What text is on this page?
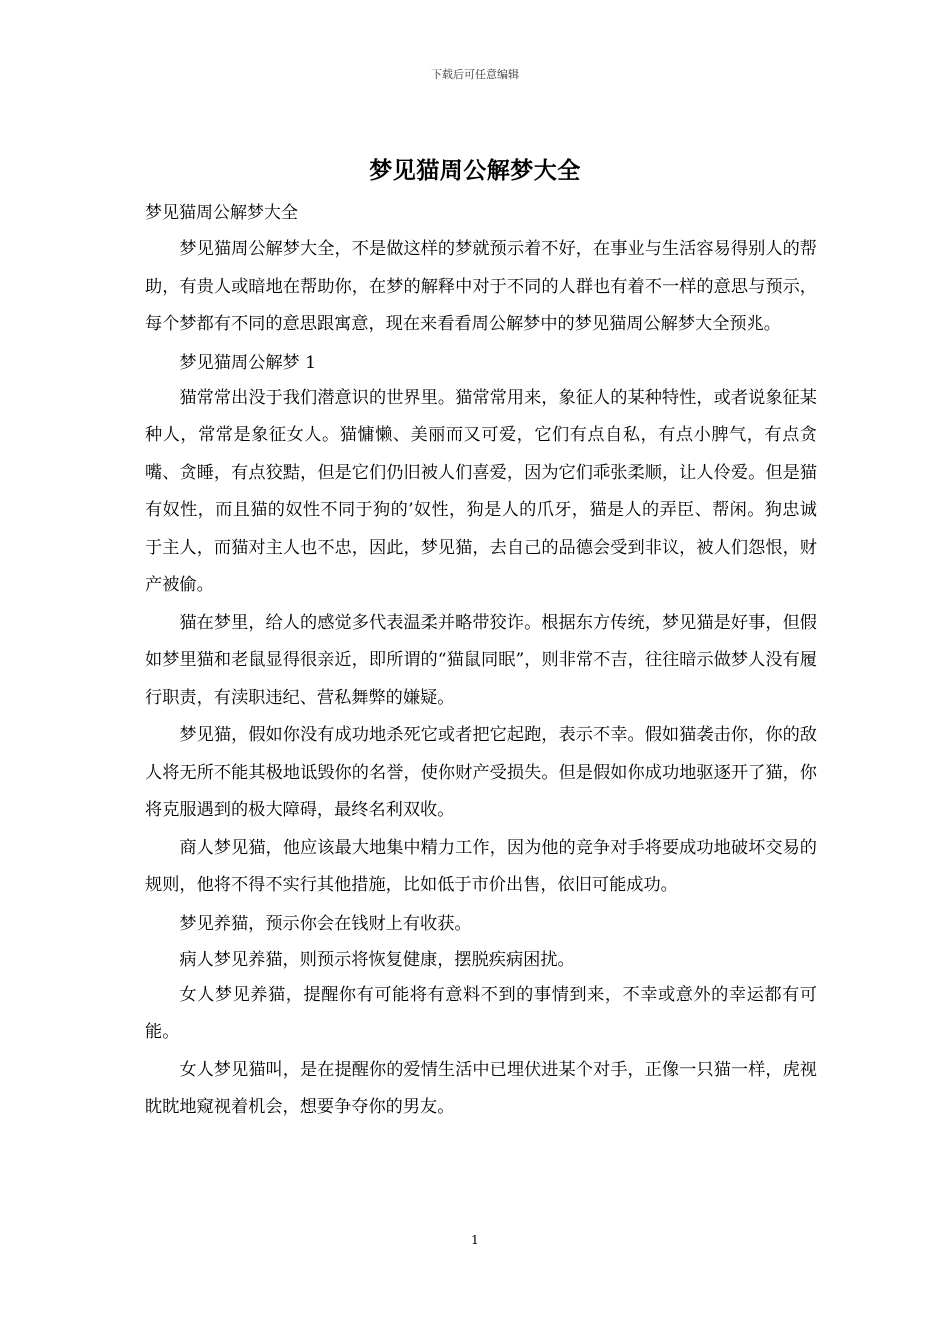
下载后可任意编辑
梦见猫周公解梦大全
梦见猫周公解梦大全

梦见猫周公解梦大全，不是做这样的梦就预示着不好，在事业与生活容易得别人的帮助，有贵人或暗地在帮助你，在梦的解释中对于不同的人群也有着不一样的意思与预示，每个梦都有不同的意思跟寓意，现在来看看周公解梦中的梦见猫周公解梦大全预兆。

梦见猫周公解梦 1

猫常常出没于我们潜意识的世界里。猫常常用来，象征人的某种特性，或者说象征某种人，常常是象征女人。猫慵懒、美丽而又可爱，它们有点自私，有点小脾气，有点贪嘴、贪睡，有点狡黠，但是它们仍旧被人们喜爱，因为它们乖张柔顺，让人伶爱。但是猫有奴性，而且猫的奴性不同于狗的’奴性，狗是人的爪牙，猫是人的弄臣、帮闲。狗忠诚于主人，而猫对主人也不忠，因此，梦见猫，去自己的品德会受到非议，被人们怨恨，财产被偷。

猫在梦里，给人的感觉多代表温柔并略带狡诈。根据东方传统，梦见猫是好事，但假如梦里猫和老鼠显得很亲近，即所谓的“猫鼠同眠”，则非常不吉，往往暗示做梦人没有履行职责，有渎职违纪、营私舞弊的嫌疑。

梦见猫，假如你没有成功地杀死它或者把它起跑，表示不幸。假如猫袭击你，你的敌人将无所不能其极地诋毁你的名誉，使你财产受损失。但是假如你成功地驱逐开了猫，你将克服遇到的极大障碍，最终名利双收。

商人梦见猫，他应该最大地集中精力工作，因为他的竞争对手将要成功地破坏交易的规则，他将不得不实行其他措施，比如低于市价出售，依旧可能成功。

梦见养猫，预示你会在钱财上有收获。

病人梦见养猫，则预示将恢复健康，摆脱疾病困扰。

女人梦见养猫，提醒你有可能将有意料不到的事情到来，不幸或意外的幸运都有可能。

女人梦见猫叫，是在提醒你的爱情生活中已埋伏进某个对手，正像一只猫一样，虎视眈眈地窥视着机会，想要争夺你的男友。

1
